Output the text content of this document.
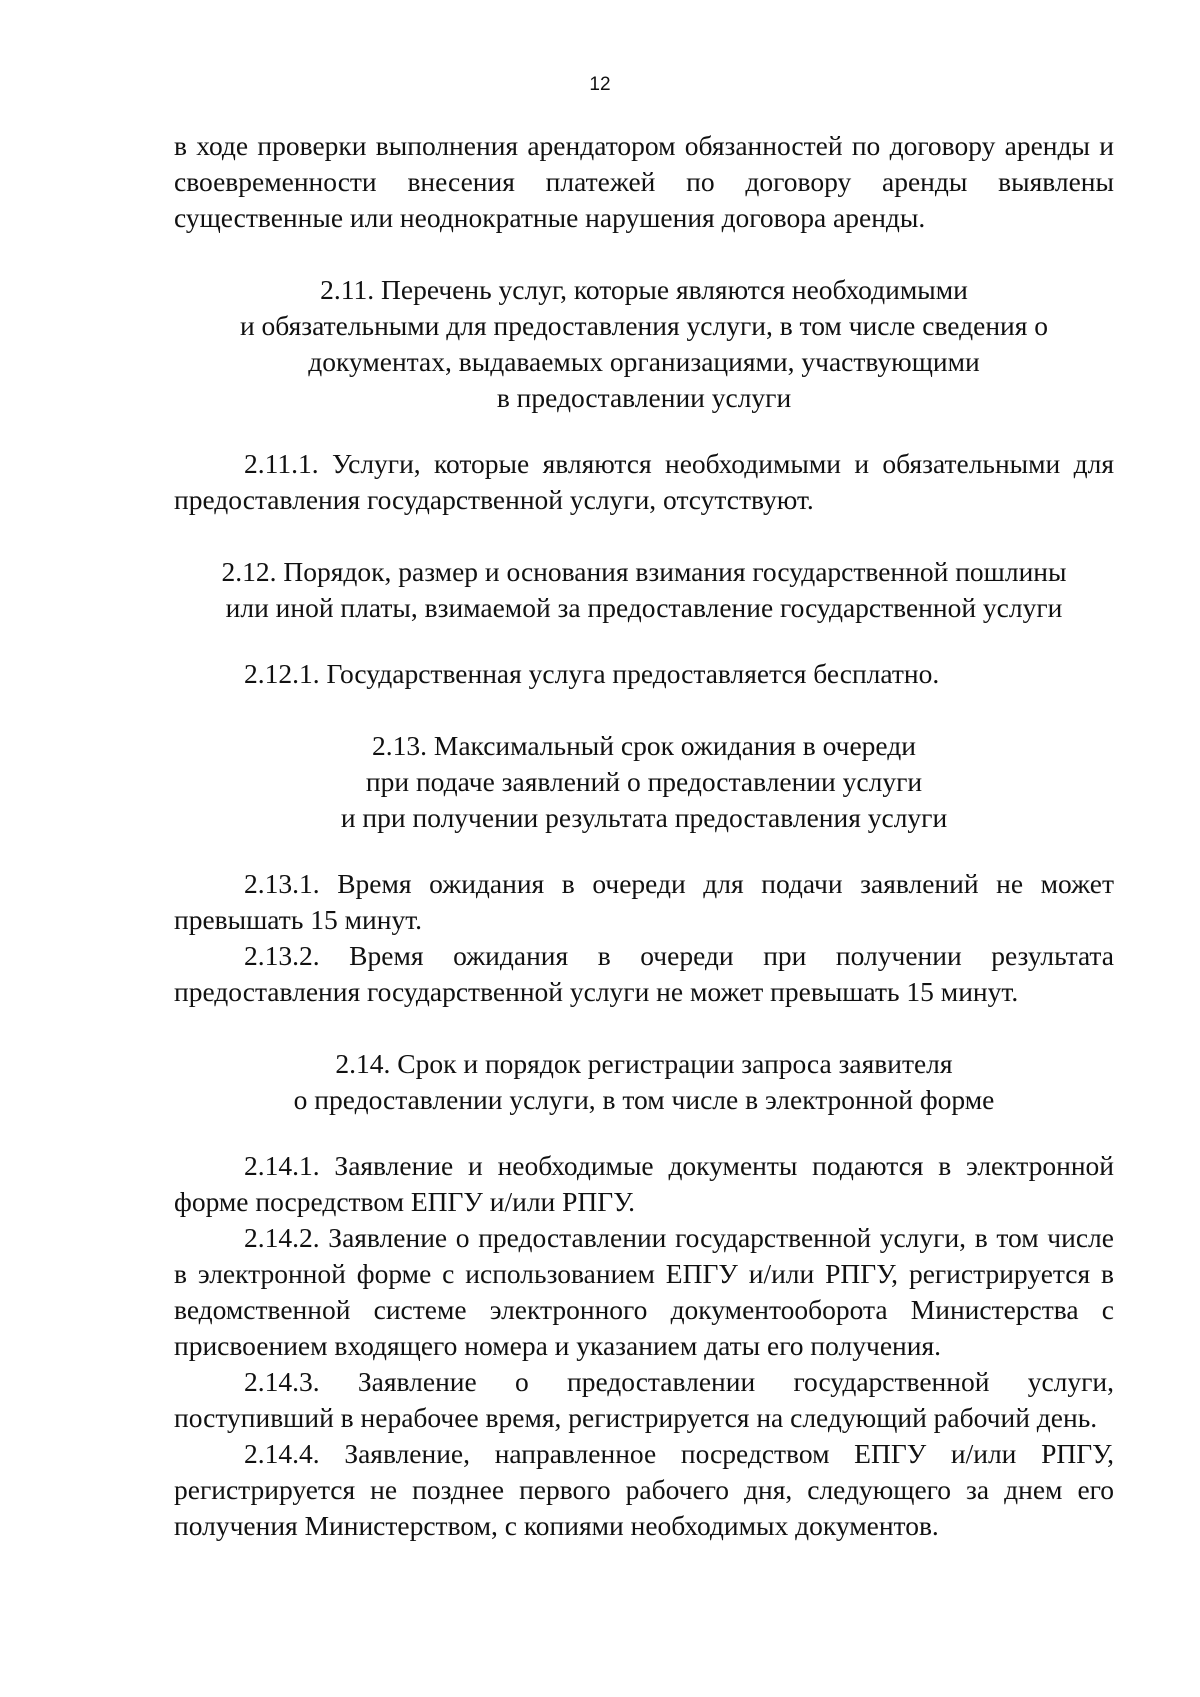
12

в ходе проверки выполнения арендатором обязанностей по договору аренды и своевременности внесения платежей по договору аренды выявлены существенные или неоднократные нарушения договора аренды.

2.11. Перечень услуг, которые являются необходимыми
и обязательными для предоставления услуги, в том числе сведения о
документах, выдаваемых организациями, участвующими
в предоставлении услуги

2.11.1. Услуги, которые являются необходимыми и обязательными для предоставления государственной услуги, отсутствуют.

2.12. Порядок, размер и основания взимания государственной пошлины
или иной платы, взимаемой за предоставление государственной услуги

2.12.1. Государственная услуга предоставляется бесплатно.

2.13. Максимальный срок ожидания в очереди
при подаче заявлений о предоставлении услуги
и при получении результата предоставления услуги

2.13.1. Время ожидания в очереди для подачи заявлений не может превышать 15 минут.

2.13.2. Время ожидания в очереди при получении результата предоставления государственной услуги не может превышать 15 минут.

2.14. Срок и порядок регистрации запроса заявителя
о предоставлении услуги, в том числе в электронной форме

2.14.1. Заявление и необходимые документы подаются в электронной форме посредством ЕПГУ и/или РПГУ.

2.14.2. Заявление о предоставлении государственной услуги, в том числе в электронной форме с использованием ЕПГУ и/или РПГУ, регистрируется в ведомственной системе электронного документооборота Министерства с присвоением входящего номера и указанием даты его получения.

2.14.3. Заявление о предоставлении государственной услуги, поступивший в нерабочее время, регистрируется на следующий рабочий день.

2.14.4. Заявление, направленное посредством ЕПГУ и/или РПГУ, регистрируется не позднее первого рабочего дня, следующего за днем его получения Министерством, с копиями необходимых документов.
